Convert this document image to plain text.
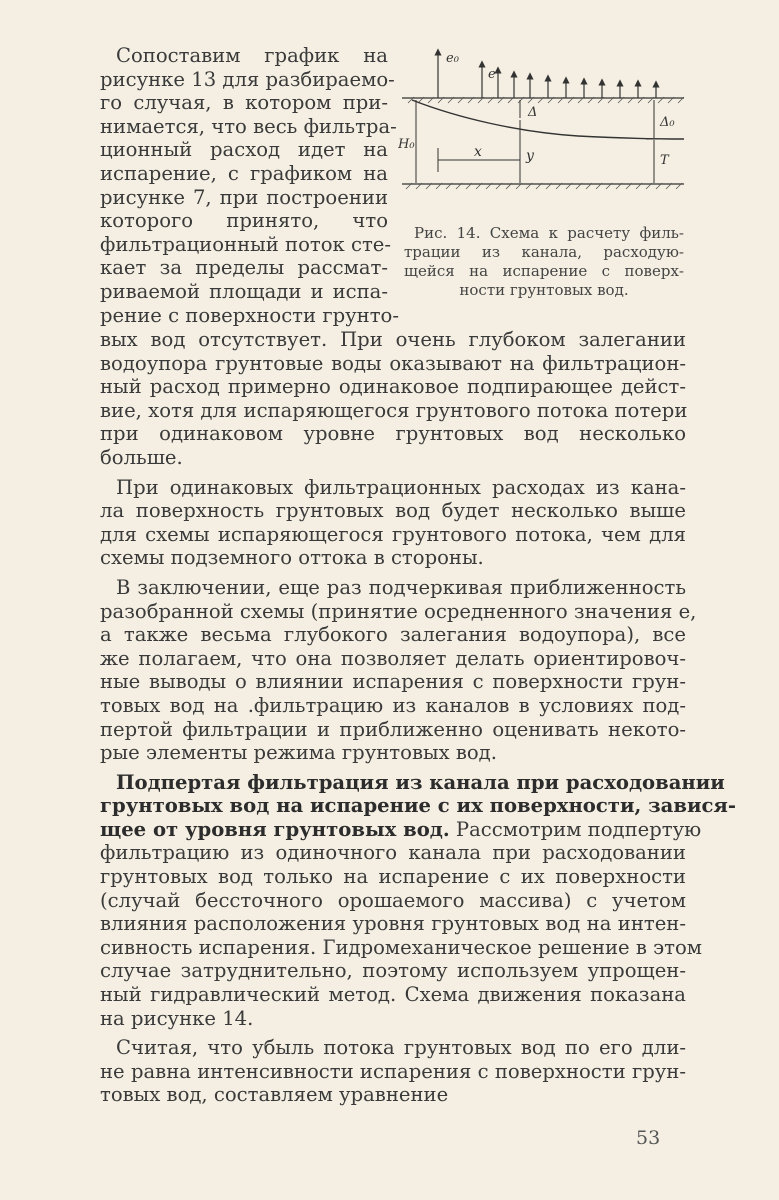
Сопоставим график на
рисунке 13 для разбираемо-
го случая, в котором при-
нимается, что весь фильтра-
ционный расход идет на
испарение, с графиком на
рисунке 7, при построении
которого принято, что
фильтрационный поток сте-
кает за пределы рассмат-
риваемой площади и испа-
рение с поверхности грунто-
e₀
e
Δ
Δ₀
H₀	x	y	T
Рис. 14. Схема к расчету филь-
трации из канала, расходую-
щейся на испарение с поверх-
ности грунтовых вод.
вых вод отсутствует. При очень глубоком залегании
водоупора грунтовые воды оказывают на фильтрацион-
ный расход примерно одинаковое подпирающее дейст-
вие, хотя для испаряющегося грунтового потока потери
при одинаковом уровне грунтовых вод несколько
больше.
При одинаковых фильтрационных расходах из кана-
ла поверхность грунтовых вод будет несколько выше
для схемы испаряющегося грунтового потока, чем для
схемы подземного оттока в стороны.
В заключении, еще раз подчеркивая приближенность
разобранной схемы (принятие осредненного значения е,
а также весьма глубокого залегания водоупора), все
же полагаем, что она позволяет делать ориентировоч-
ные выводы о влиянии испарения с поверхности грун-
товых вод на .фильтрацию из каналов в условиях под-
пертой фильтрации и приближенно оценивать некото-
рые элементы режима грунтовых вод.
Подпертая фильтрация из канала при расходовании
грунтовых вод на испарение с их поверхности, завися-
щее от уровня грунтовых вод. Рассмотрим подпертую
фильтрацию из одиночного канала при расходовании
грунтовых вод только на испарение с их поверхности
(случай бессточного орошаемого массива) с учетом
влияния расположения уровня грунтовых вод на интен-
сивность испарения. Гидромеханическое решение в этом
случае затруднительно, поэтому используем упрощен-
ный гидравлический метод. Схема движения показана
на рисунке 14.
Считая, что убыль потока грунтовых вод по его дли-
не равна интенсивности испарения с поверхности грун-
товых вод, составляем уравнение
53
